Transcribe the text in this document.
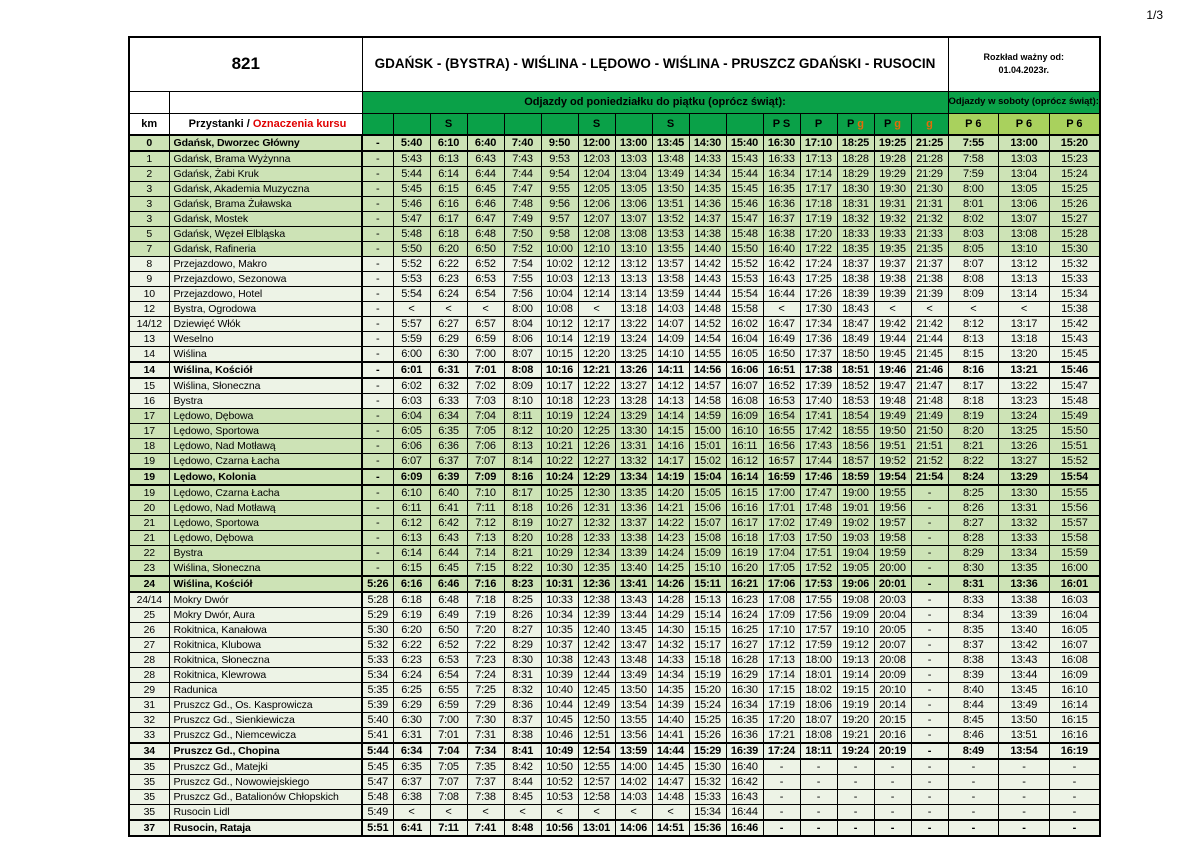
1/3
821		GDAŃSK - (BYSTRA) - WIŚLINA - LĘDOWO - WIŚLINA - PRUSZCZ GDAŃSKI - RUSOCIN																Rozkład ważny od:
01.04.2023r.		
		Odjazdy od poniedziałku do piątku (oprócz świąt):																Odjazdy w soboty (oprócz świąt):		
km	Przystanki / Oznaczenia kursu			S				S		S			P S	P	P g	P g	g	P 6	P 6	P 6
0	Gdańsk, Dworzec Główny	-	5:40	6:10	6:40	7:40	9:50	12:00	13:00	13:45	14:30	15:40	16:30	17:10	18:25	19:25	21:25	7:55	13:00	15:20
1	Gdańsk, Brama Wyżynna	-	5:43	6:13	6:43	7:43	9:53	12:03	13:03	13:48	14:33	15:43	16:33	17:13	18:28	19:28	21:28	7:58	13:03	15:23
2	Gdańsk, Żabi Kruk	-	5:44	6:14	6:44	7:44	9:54	12:04	13:04	13:49	14:34	15:44	16:34	17:14	18:29	19:29	21:29	7:59	13:04	15:24
3	Gdańsk, Akademia Muzyczna	-	5:45	6:15	6:45	7:47	9:55	12:05	13:05	13:50	14:35	15:45	16:35	17:17	18:30	19:30	21:30	8:00	13:05	15:25
3	Gdańsk, Brama Żuławska	-	5:46	6:16	6:46	7:48	9:56	12:06	13:06	13:51	14:36	15:46	16:36	17:18	18:31	19:31	21:31	8:01	13:06	15:26
3	Gdańsk, Mostek	-	5:47	6:17	6:47	7:49	9:57	12:07	13:07	13:52	14:37	15:47	16:37	17:19	18:32	19:32	21:32	8:02	13:07	15:27
5	Gdańsk, Węzeł Elbląska	-	5:48	6:18	6:48	7:50	9:58	12:08	13:08	13:53	14:38	15:48	16:38	17:20	18:33	19:33	21:33	8:03	13:08	15:28
7	Gdańsk, Rafineria	-	5:50	6:20	6:50	7:52	10:00	12:10	13:10	13:55	14:40	15:50	16:40	17:22	18:35	19:35	21:35	8:05	13:10	15:30
8	Przejazdowo, Makro	-	5:52	6:22	6:52	7:54	10:02	12:12	13:12	13:57	14:42	15:52	16:42	17:24	18:37	19:37	21:37	8:07	13:12	15:32
9	Przejazdowo, Sezonowa	-	5:53	6:23	6:53	7:55	10:03	12:13	13:13	13:58	14:43	15:53	16:43	17:25	18:38	19:38	21:38	8:08	13:13	15:33
10	Przejazdowo, Hotel	-	5:54	6:24	6:54	7:56	10:04	12:14	13:14	13:59	14:44	15:54	16:44	17:26	18:39	19:39	21:39	8:09	13:14	15:34
12	Bystra, Ogrodowa	-	<	<	<	8:00	10:08	<	13:18	14:03	14:48	15:58	<	17:30	18:43	<	<	<	<	15:38
14/12	Dziewięć Włók	-	5:57	6:27	6:57	8:04	10:12	12:17	13:22	14:07	14:52	16:02	16:47	17:34	18:47	19:42	21:42	8:12	13:17	15:42
13	Weselno	-	5:59	6:29	6:59	8:06	10:14	12:19	13:24	14:09	14:54	16:04	16:49	17:36	18:49	19:44	21:44	8:13	13:18	15:43
14	Wiślina	-	6:00	6:30	7:00	8:07	10:15	12:20	13:25	14:10	14:55	16:05	16:50	17:37	18:50	19:45	21:45	8:15	13:20	15:45
14	Wiślina, Kościół	-	6:01	6:31	7:01	8:08	10:16	12:21	13:26	14:11	14:56	16:06	16:51	17:38	18:51	19:46	21:46	8:16	13:21	15:46
15	Wiślina, Słoneczna	-	6:02	6:32	7:02	8:09	10:17	12:22	13:27	14:12	14:57	16:07	16:52	17:39	18:52	19:47	21:47	8:17	13:22	15:47
16	Bystra	-	6:03	6:33	7:03	8:10	10:18	12:23	13:28	14:13	14:58	16:08	16:53	17:40	18:53	19:48	21:48	8:18	13:23	15:48
17	Lędowo, Dębowa	-	6:04	6:34	7:04	8:11	10:19	12:24	13:29	14:14	14:59	16:09	16:54	17:41	18:54	19:49	21:49	8:19	13:24	15:49
17	Lędowo, Sportowa	-	6:05	6:35	7:05	8:12	10:20	12:25	13:30	14:15	15:00	16:10	16:55	17:42	18:55	19:50	21:50	8:20	13:25	15:50
18	Lędowo, Nad Motławą	-	6:06	6:36	7:06	8:13	10:21	12:26	13:31	14:16	15:01	16:11	16:56	17:43	18:56	19:51	21:51	8:21	13:26	15:51
19	Lędowo, Czarna Łacha	-	6:07	6:37	7:07	8:14	10:22	12:27	13:32	14:17	15:02	16:12	16:57	17:44	18:57	19:52	21:52	8:22	13:27	15:52
19	Lędowo, Kolonia	-	6:09	6:39	7:09	8:16	10:24	12:29	13:34	14:19	15:04	16:14	16:59	17:46	18:59	19:54	21:54	8:24	13:29	15:54
19	Lędowo, Czarna Łacha	-	6:10	6:40	7:10	8:17	10:25	12:30	13:35	14:20	15:05	16:15	17:00	17:47	19:00	19:55	-	8:25	13:30	15:55
20	Lędowo, Nad Motławą	-	6:11	6:41	7:11	8:18	10:26	12:31	13:36	14:21	15:06	16:16	17:01	17:48	19:01	19:56	-	8:26	13:31	15:56
21	Lędowo, Sportowa	-	6:12	6:42	7:12	8:19	10:27	12:32	13:37	14:22	15:07	16:17	17:02	17:49	19:02	19:57	-	8:27	13:32	15:57
21	Lędowo, Dębowa	-	6:13	6:43	7:13	8:20	10:28	12:33	13:38	14:23	15:08	16:18	17:03	17:50	19:03	19:58	-	8:28	13:33	15:58
22	Bystra	-	6:14	6:44	7:14	8:21	10:29	12:34	13:39	14:24	15:09	16:19	17:04	17:51	19:04	19:59	-	8:29	13:34	15:59
23	Wiślina, Słoneczna	-	6:15	6:45	7:15	8:22	10:30	12:35	13:40	14:25	15:10	16:20	17:05	17:52	19:05	20:00	-	8:30	13:35	16:00
24	Wiślina, Kościół	5:26	6:16	6:46	7:16	8:23	10:31	12:36	13:41	14:26	15:11	16:21	17:06	17:53	19:06	20:01	-	8:31	13:36	16:01
24/14	Mokry Dwór	5:28	6:18	6:48	7:18	8:25	10:33	12:38	13:43	14:28	15:13	16:23	17:08	17:55	19:08	20:03	-	8:33	13:38	16:03
25	Mokry Dwór, Aura	5:29	6:19	6:49	7:19	8:26	10:34	12:39	13:44	14:29	15:14	16:24	17:09	17:56	19:09	20:04	-	8:34	13:39	16:04
26	Rokitnica, Kanałowa	5:30	6:20	6:50	7:20	8:27	10:35	12:40	13:45	14:30	15:15	16:25	17:10	17:57	19:10	20:05	-	8:35	13:40	16:05
27	Rokitnica, Klubowa	5:32	6:22	6:52	7:22	8:29	10:37	12:42	13:47	14:32	15:17	16:27	17:12	17:59	19:12	20:07	-	8:37	13:42	16:07
28	Rokitnica, Słoneczna	5:33	6:23	6:53	7:23	8:30	10:38	12:43	13:48	14:33	15:18	16:28	17:13	18:00	19:13	20:08	-	8:38	13:43	16:08
28	Rokitnica, Klewrowa	5:34	6:24	6:54	7:24	8:31	10:39	12:44	13:49	14:34	15:19	16:29	17:14	18:01	19:14	20:09	-	8:39	13:44	16:09
29	Radunica	5:35	6:25	6:55	7:25	8:32	10:40	12:45	13:50	14:35	15:20	16:30	17:15	18:02	19:15	20:10	-	8:40	13:45	16:10
31	Pruszcz Gd., Os. Kasprowicza	5:39	6:29	6:59	7:29	8:36	10:44	12:49	13:54	14:39	15:24	16:34	17:19	18:06	19:19	20:14	-	8:44	13:49	16:14
32	Pruszcz Gd., Sienkiewicza	5:40	6:30	7:00	7:30	8:37	10:45	12:50	13:55	14:40	15:25	16:35	17:20	18:07	19:20	20:15	-	8:45	13:50	16:15
33	Pruszcz Gd., Niemcewicza	5:41	6:31	7:01	7:31	8:38	10:46	12:51	13:56	14:41	15:26	16:36	17:21	18:08	19:21	20:16	-	8:46	13:51	16:16
34	Pruszcz Gd., Chopina	5:44	6:34	7:04	7:34	8:41	10:49	12:54	13:59	14:44	15:29	16:39	17:24	18:11	19:24	20:19	-	8:49	13:54	16:19
35	Pruszcz Gd., Matejki	5:45	6:35	7:05	7:35	8:42	10:50	12:55	14:00	14:45	15:30	16:40	-	-	-	-	-	-	-	-
35	Pruszcz Gd., Nowowiejskiego	5:47	6:37	7:07	7:37	8:44	10:52	12:57	14:02	14:47	15:32	16:42	-	-	-	-	-	-	-	-
35	Pruszcz Gd., Batalionów Chłopskich	5:48	6:38	7:08	7:38	8:45	10:53	12:58	14:03	14:48	15:33	16:43	-	-	-	-	-	-	-	-
35	Rusocin Lidl	5:49	<	<	<	<	<	<	<	<	15:34	16:44	-	-	-	-	-	-	-	-
37	Rusocin, Rataja	5:51	6:41	7:11	7:41	8:48	10:56	13:01	14:06	14:51	15:36	16:46	-	-	-	-	-	-	-	-
